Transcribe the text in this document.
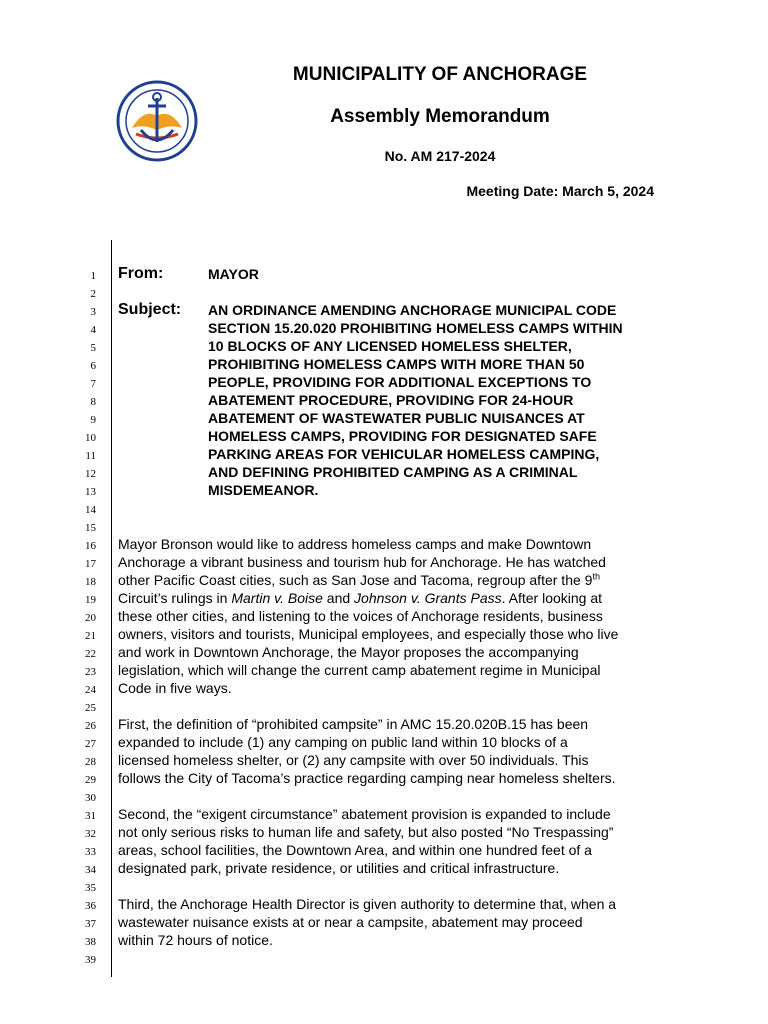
MUNICIPALITY OF ANCHORAGE
Assembly Memorandum
No. AM 217-2024
Meeting Date: March 5, 2024
1
2
3
4
5
6
7
8
9
10
11
12
13
14
15
16
17
18
19
20
21
22
23
24
25
26
27
28
29
30
31
32
33
34
35
36
37
38
39
From:	MAYOR
Subject:	AN ORDINANCE AMENDING ANCHORAGE MUNICIPAL CODE
SECTION 15.20.020 PROHIBITING HOMELESS CAMPS WITHIN
10 BLOCKS OF ANY LICENSED HOMELESS SHELTER,
PROHIBITING HOMELESS CAMPS WITH MORE THAN 50
PEOPLE, PROVIDING FOR ADDITIONAL EXCEPTIONS TO
ABATEMENT PROCEDURE, PROVIDING FOR 24-HOUR
ABATEMENT OF WASTEWATER PUBLIC NUISANCES AT
HOMELESS CAMPS, PROVIDING FOR DESIGNATED SAFE
PARKING AREAS FOR VEHICULAR HOMELESS CAMPING,
AND DEFINING PROHIBITED CAMPING AS A CRIMINAL
MISDEMEANOR.

Mayor Bronson would like to address homeless camps and make Downtown

Anchorage a vibrant business and tourism hub for Anchorage. He has watched

other Pacific Coast cities, such as San Jose and Tacoma, regroup after the 9th

Circuit’s rulings in Martin v. Boise and Johnson v. Grants Pass. After looking at

these other cities, and listening to the voices of Anchorage residents, business

owners, visitors and tourists, Municipal employees, and especially those who live

and work in Downtown Anchorage, the Mayor proposes the accompanying

legislation, which will change the current camp abatement regime in Municipal

Code in five ways.

First, the definition of “prohibited campsite” in AMC 15.20.020B.15 has been

expanded to include (1) any camping on public land within 10 blocks of a

licensed homeless shelter, or (2) any campsite with over 50 individuals. This

follows the City of Tacoma’s practice regarding camping near homeless shelters.

Second, the “exigent circumstance” abatement provision is expanded to include

not only serious risks to human life and safety, but also posted “No Trespassing”

areas, school facilities, the Downtown Area, and within one hundred feet of a

designated park, private residence, or utilities and critical infrastructure.

Third, the Anchorage Health Director is given authority to determine that, when a

wastewater nuisance exists at or near a campsite, abatement may proceed

within 72 hours of notice.
